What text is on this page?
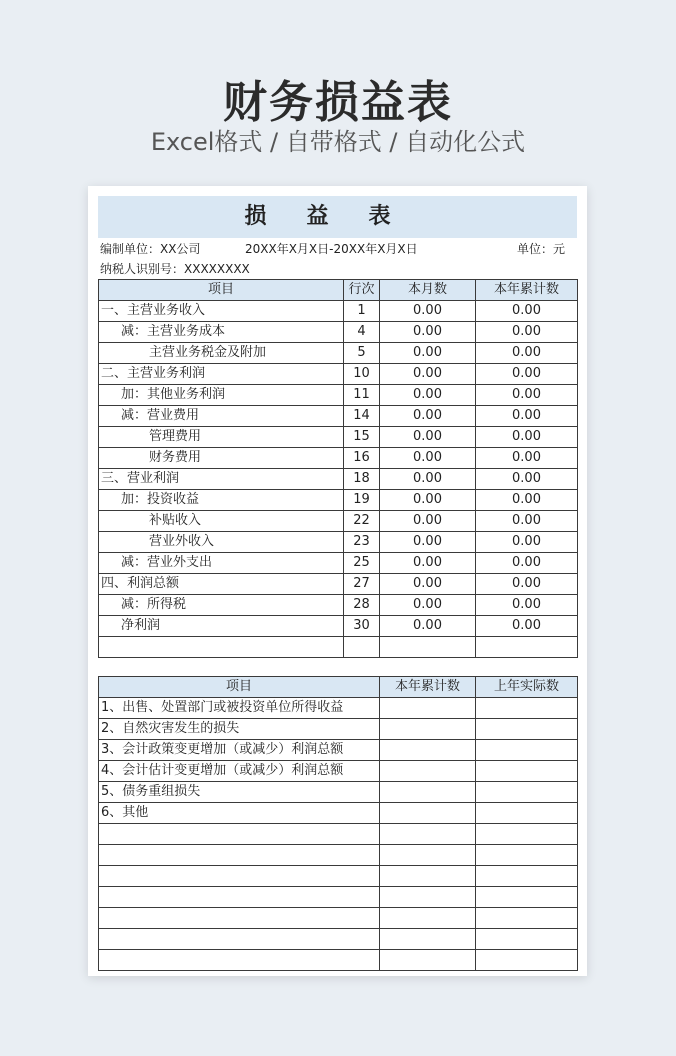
财务损益表
Excel格式 / 自带格式 / 自动化公式
损益表
编制单位：XX公司	20XX年X月X日-20XX年X月X日	单位：元
纳税人识别号：XXXXXXXX
项目	行次	本月数	本年累计数
一、主营业务收入	1	0.00	0.00
减：主营业务成本	4	0.00	0.00
主营业务税金及附加	5	0.00	0.00
二、主营业务利润	10	0.00	0.00
加：其他业务利润	11	0.00	0.00
减：营业费用	14	0.00	0.00
管理费用	15	0.00	0.00
财务费用	16	0.00	0.00
三、营业利润	18	0.00	0.00
加：投资收益	19	0.00	0.00
补贴收入	22	0.00	0.00
营业外收入	23	0.00	0.00
减：营业外支出	25	0.00	0.00
四、利润总额	27	0.00	0.00
减：所得税	28	0.00	0.00
净利润	30	0.00	0.00

项目	本年累计数	上年实际数
1、出售、处置部门或被投资单位所得收益		
2、自然灾害发生的损失		
3、会计政策变更增加（或减少）利润总额		
4、会计估计变更增加（或减少）利润总额		
5、债务重组损失		
6、其他		
